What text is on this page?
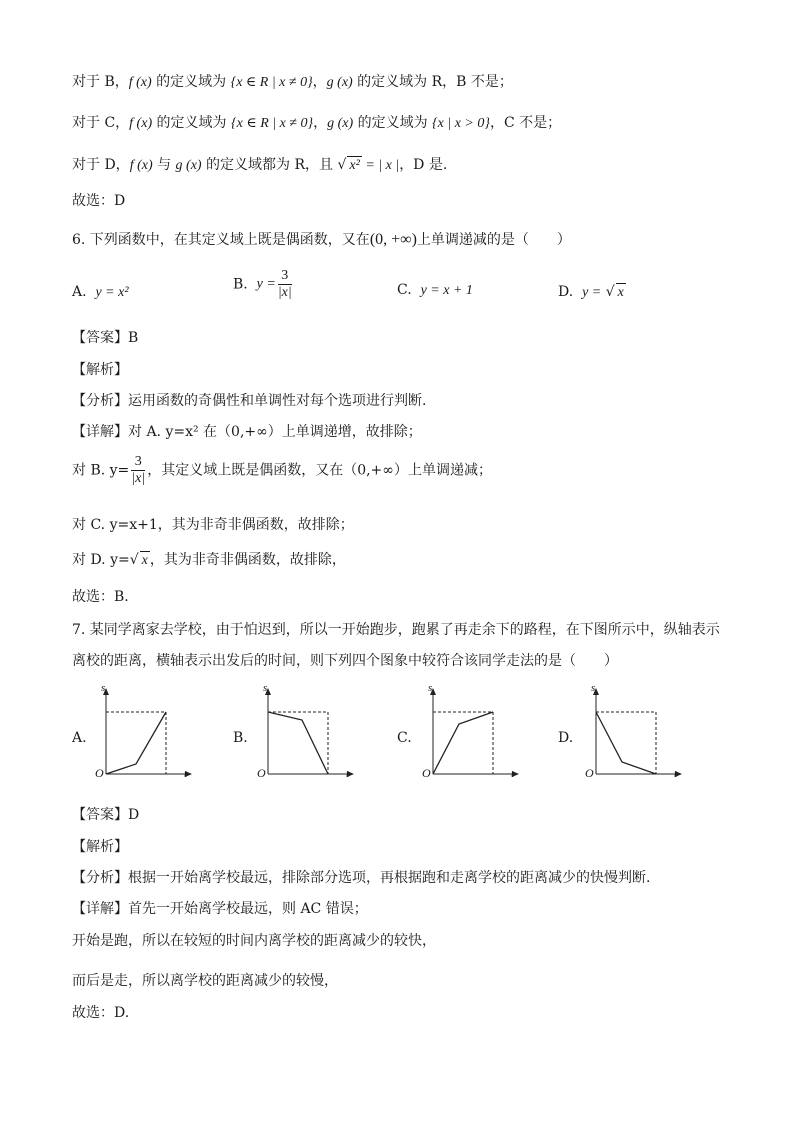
对于 B，f (x) 的定义域为 {x ∈ R | x ≠ 0}，g (x) 的定义域为 R，B 不是；
对于 C，f (x) 的定义域为 {x ∈ R | x ≠ 0}，g (x) 的定义域为 {x | x > 0}，C 不是；
对于 D，f (x) 与 g (x) 的定义域都为 R，且 √ x² = | x |，D 是.
故选：D
6. 下列函数中，在其定义域上既是偶函数，又在(0, +∞)上单调递减的是（　　）
A. y = x²	B. $y = \frac{3}{|x|}$	C. y = x + 1	D. y = √ x
【答案】B
【解析】
【分析】运用函数的奇偶性和单调性对每个选项进行判断.
【详解】对 A. y=x² 在（0,+∞）上单调递增，故排除；
对 B. $y= \frac{3}{|x|}$ ，其定义域上既是偶函数，又在（0,+∞）上单调递减；
对 C. y=x+1，其为非奇非偶函数，故排除；
对 D. y=√ x ，其为非奇非偶函数，故排除，
故选：B.
7. 某同学离家去学校，由于怕迟到，所以一开始跑步，跑累了再走余下的路程，在下图所示中，纵轴表示
离校的距离，横轴表示出发后的时间，则下列四个图象中较符合该同学走法的是（　　）
A.
s
O	t
B.
s
O	t
C.
s
O	t
D.
s
O	t
【答案】D
【解析】
【分析】根据一开始离学校最远，排除部分选项，再根据跑和走离学校的距离减少的快慢判断.
【详解】首先一开始离学校最远，则 AC 错误；
开始是跑，所以在较短的时间内离学校的距离减少的较快，
而后是走，所以离学校的距离减少的较慢，
故选：D.
